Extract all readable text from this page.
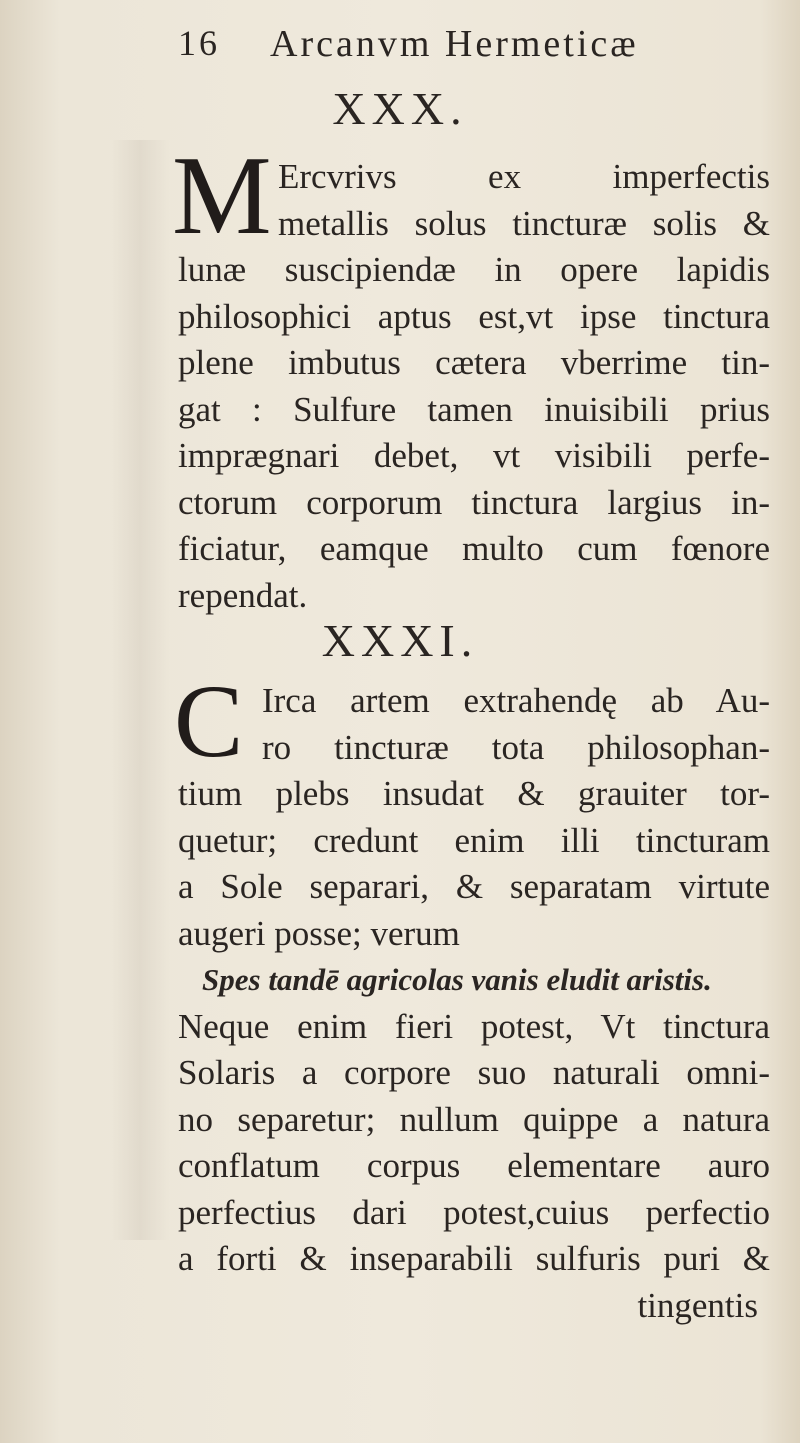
16 Arcanvm Hermeticæ
XXX.
M Ercvrivs ex imperfectis
metallis solus tincturæ solis &
lunæ suscipiendæ in opere lapidis
philosophici aptus est,vt ipse tinctura
plene imbutus cætera vberrime tin-
gat : Sulfure tamen inuisibili prius
imprægnari debet, vt visibili perfe-
ctorum corporum tinctura largius in-
ficiatur, eamque multo cum fœnore
rependat.
XXXI.
C Irca artem extrahendę ab Au-
ro tincturæ tota philosophan-
tium plebs insudat & grauiter tor-
quetur; credunt enim illi tincturam
a Sole separari, & separatam virtute
augeri posse; verum
Spes tandē agricolas vanis eludit aristis.
Neque enim fieri potest, Vt tinctura
Solaris a corpore suo naturali omni-
no separetur; nullum quippe a natura
conflatum corpus elementare auro
perfectius dari potest,cuius perfectio
a forti & inseparabili sulfuris puri &
tingentis
